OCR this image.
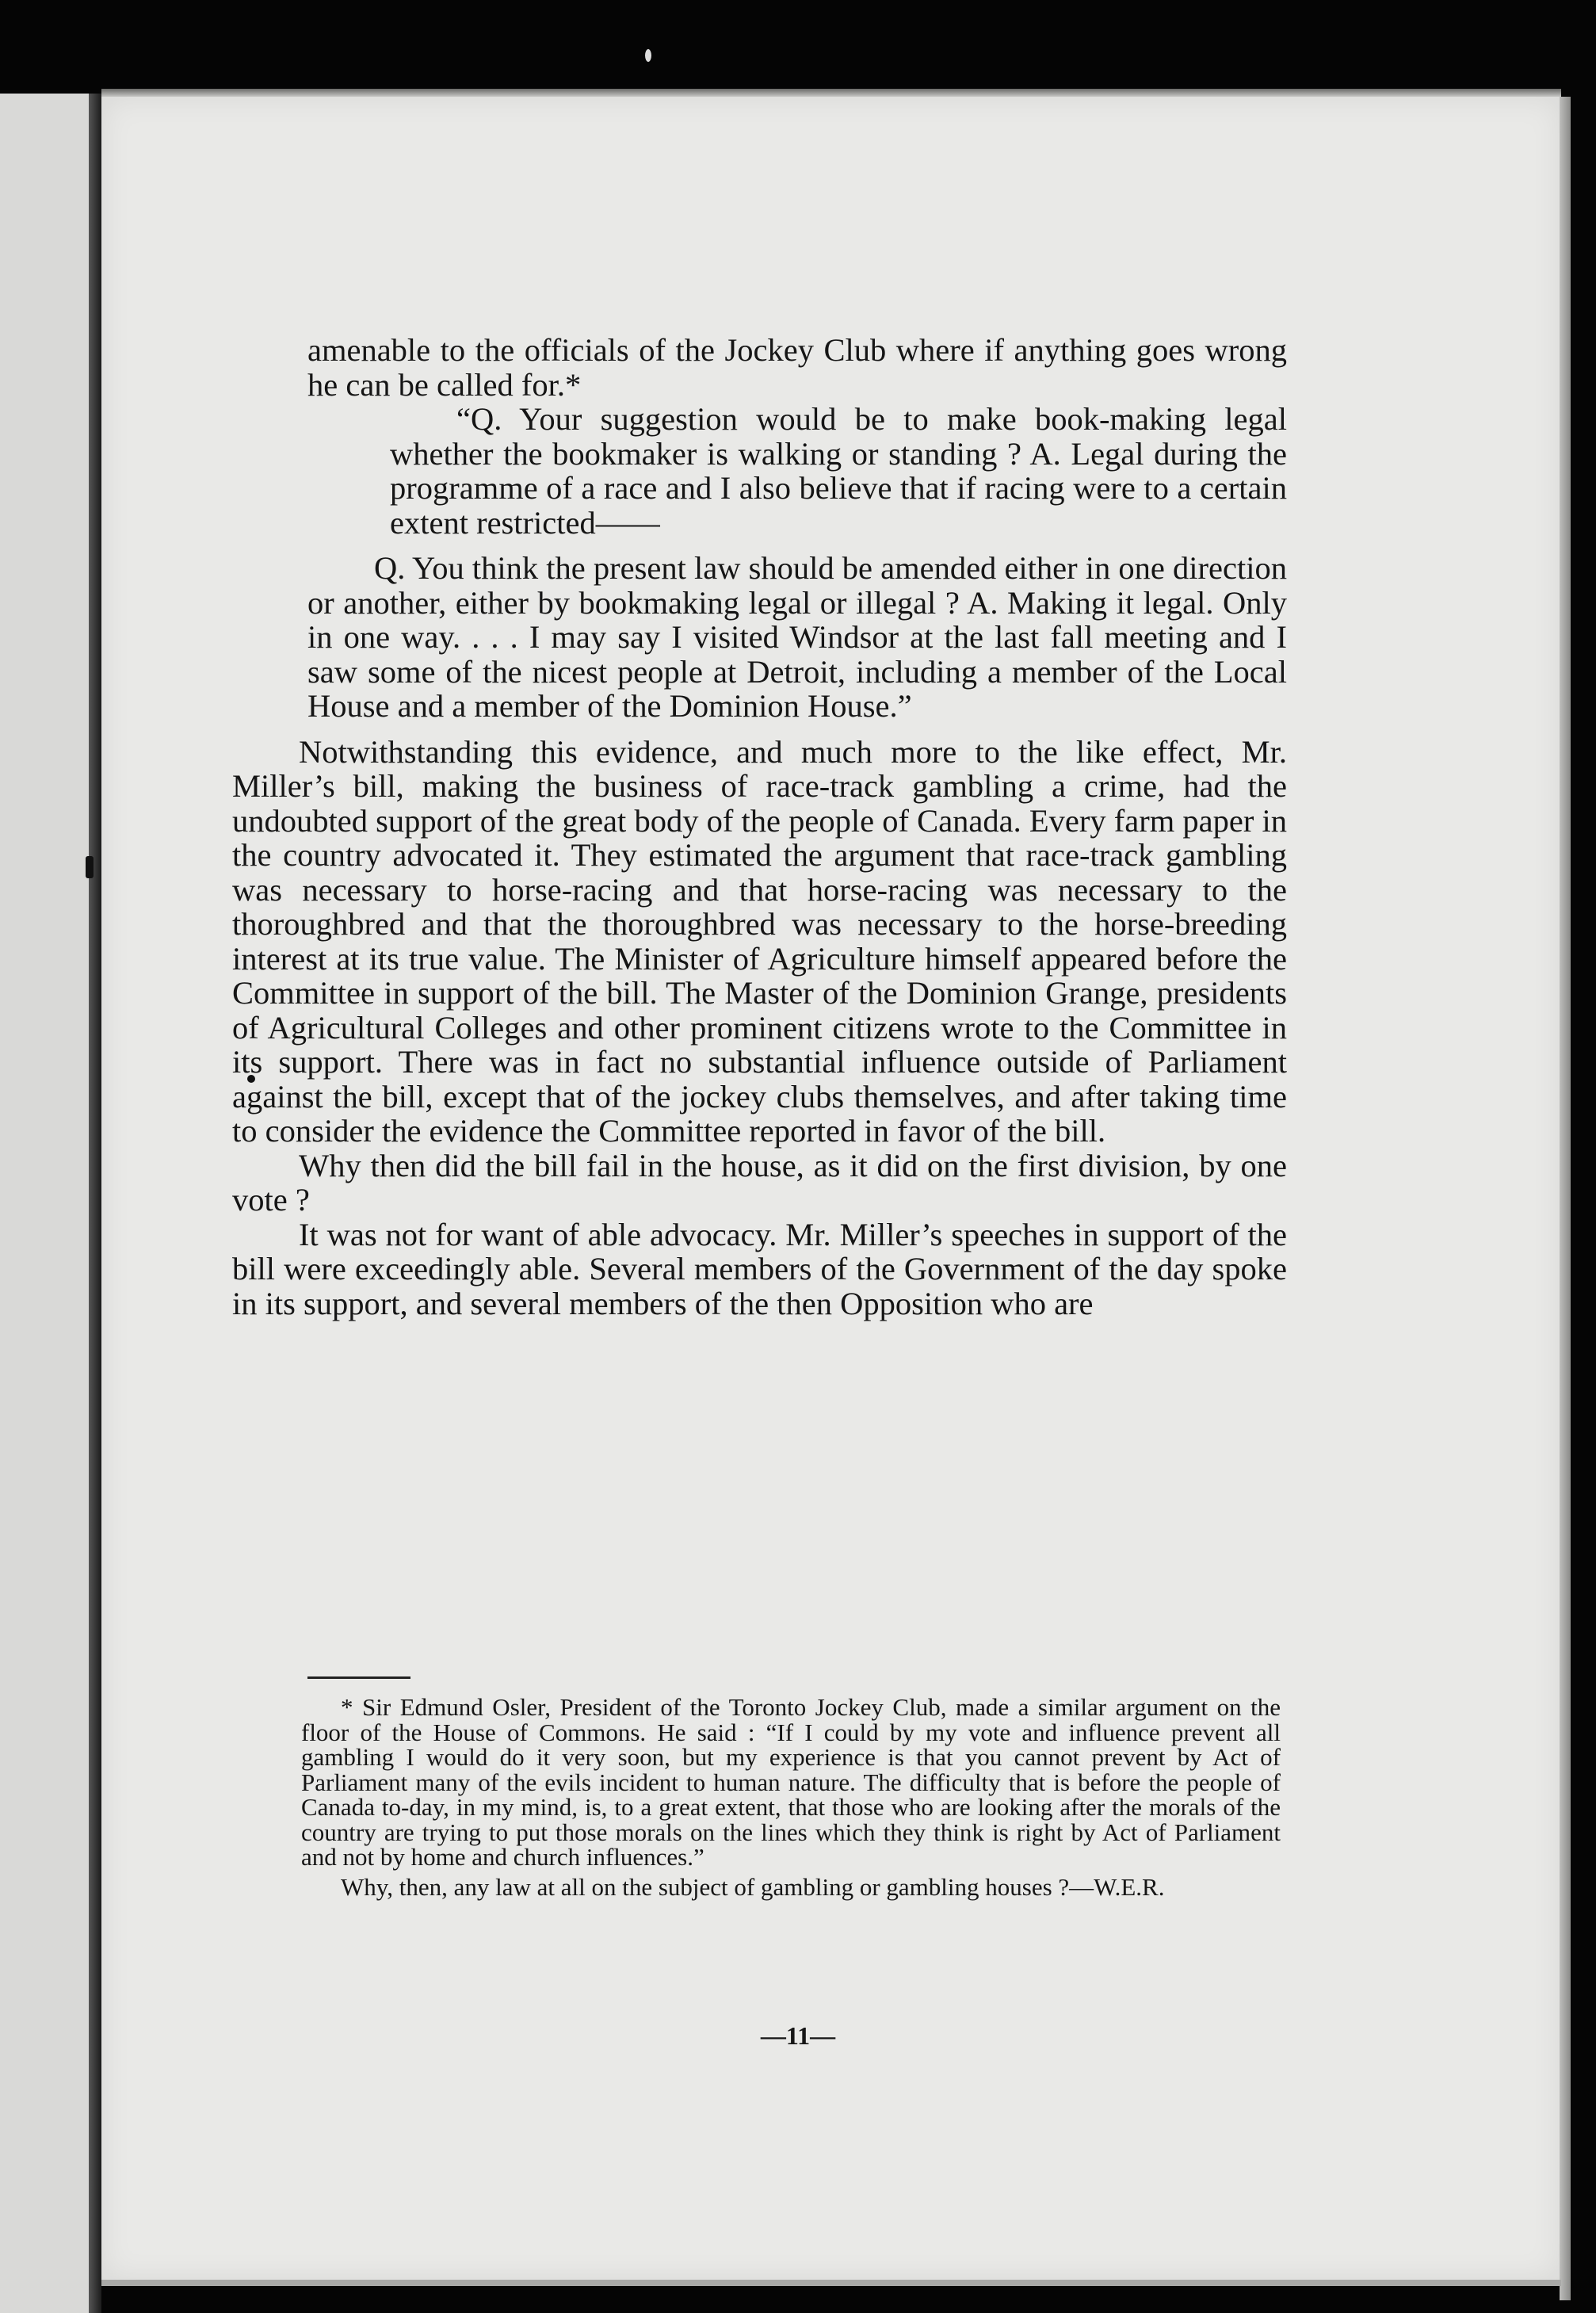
amenable to the officials of the Jockey Club where if anything goes wrong he can be called for.*

“Q. Your suggestion would be to make book-making legal whether the bookmaker is walking or standing ? A. Legal during the programme of a race and I also believe that if racing were to a certain extent restricted——

Q. You think the present law should be amended either in one direction or another, either by bookmaking legal or illegal ? A. Making it legal. Only in one way. . . . I may say I visited Windsor at the last fall meeting and I saw some of the nicest people at Detroit, including a member of the Local House and a member of the Dominion House.”

Notwithstanding this evidence, and much more to the like effect, Mr. Miller’s bill, making the business of race-track gambling a crime, had the undoubted support of the great body of the people of Canada. Every farm paper in the country advocated it. They estimated the argument that race-track gambling was necessary to horse-racing and that horse-racing was necessary to the thoroughbred and that the thoroughbred was necessary to the horse-breeding interest at its true value. The Minister of Agriculture himself appeared before the Committee in support of the bill. The Master of the Dominion Grange, presidents of Agricultural Colleges and other prominent citizens wrote to the Committee in its support. There was in fact no substantial influence outside of Parliament against the bill, except that of the jockey clubs themselves, and after taking time to consider the evidence the Committee reported in favor of the bill.

Why then did the bill fail in the house, as it did on the first division, by one vote ?

It was not for want of able advocacy. Mr. Miller’s speeches in support of the bill were exceedingly able. Several members of the Government of the day spoke in its support, and several members of the then Opposition who are

* Sir Edmund Osler, President of the Toronto Jockey Club, made a similar argument on the floor of the House of Commons. He said : “If I could by my vote and influence prevent all gambling I would do it very soon, but my experience is that you cannot prevent by Act of Parliament many of the evils incident to human nature. The difficulty that is before the people of Canada to-day, in my mind, is, to a great extent, that those who are looking after the morals of the country are trying to put those morals on the lines which they think is right by Act of Parliament and not by home and church influences.”

Why, then, any law at all on the subject of gambling or gambling houses ?—W.E.R.

—11—
